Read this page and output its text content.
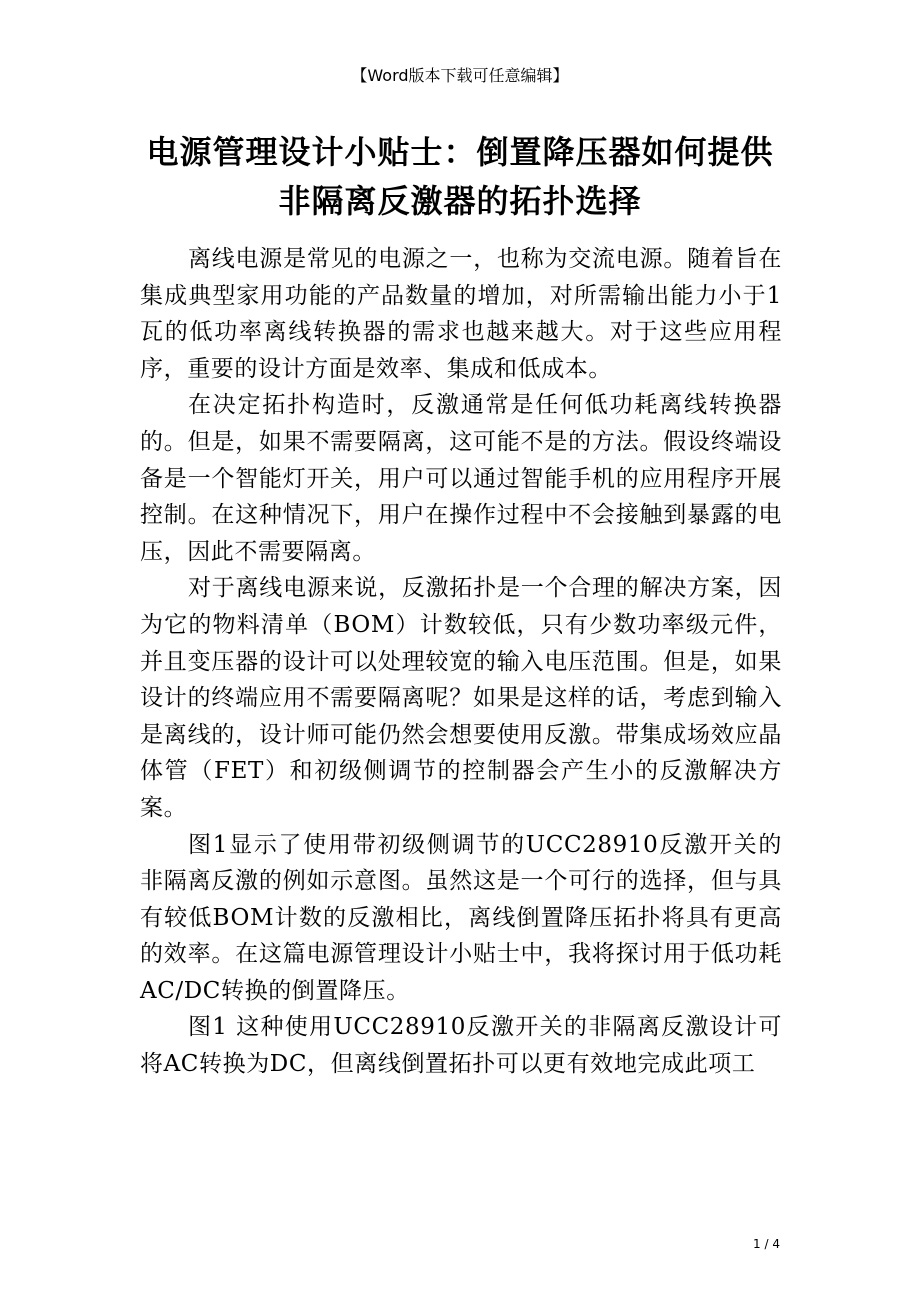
【Word版本下载可任意编辑】
电源管理设计小贴士：倒置降压器如何提供
非隔离反激器的拓扑选择

离线电源是常见的电源之一，也称为交流电源。随着旨在集成典型家用功能的产品数量的增加，对所需输出能力小于1瓦的低功率离线转换器的需求也越来越大。对于这些应用程序，重要的设计方面是效率、集成和低成本。

在决定拓扑构造时，反激通常是任何低功耗离线转换器的。但是，如果不需要隔离，这可能不是的方法。假设终端设备是一个智能灯开关，用户可以通过智能手机的应用程序开展控制。在这种情况下，用户在操作过程中不会接触到暴露的电压，因此不需要隔离。

对于离线电源来说，反激拓扑是一个合理的解决方案，因为它的物料清单（BOM）计数较低，只有少数功率级元件，并且变压器的设计可以处理较宽的输入电压范围。但是，如果设计的终端应用不需要隔离呢？如果是这样的话，考虑到输入是离线的，设计师可能仍然会想要使用反激。带集成场效应晶体管（FET）和初级侧调节的控制器会产生小的反激解决方案。

图1显示了使用带初级侧调节的UCC28910反激开关的非隔离反激的例如示意图。虽然这是一个可行的选择，但与具有较低BOM计数的反激相比，离线倒置降压拓扑将具有更高的效率。在这篇电源管理设计小贴士中，我将探讨用于低功耗AC/DC转换的倒置降压。

图1 这种使用UCC28910反激开关的非隔离反激设计可将AC转换为DC，但离线倒置拓扑可以更有效地完成此项工

1 / 4
